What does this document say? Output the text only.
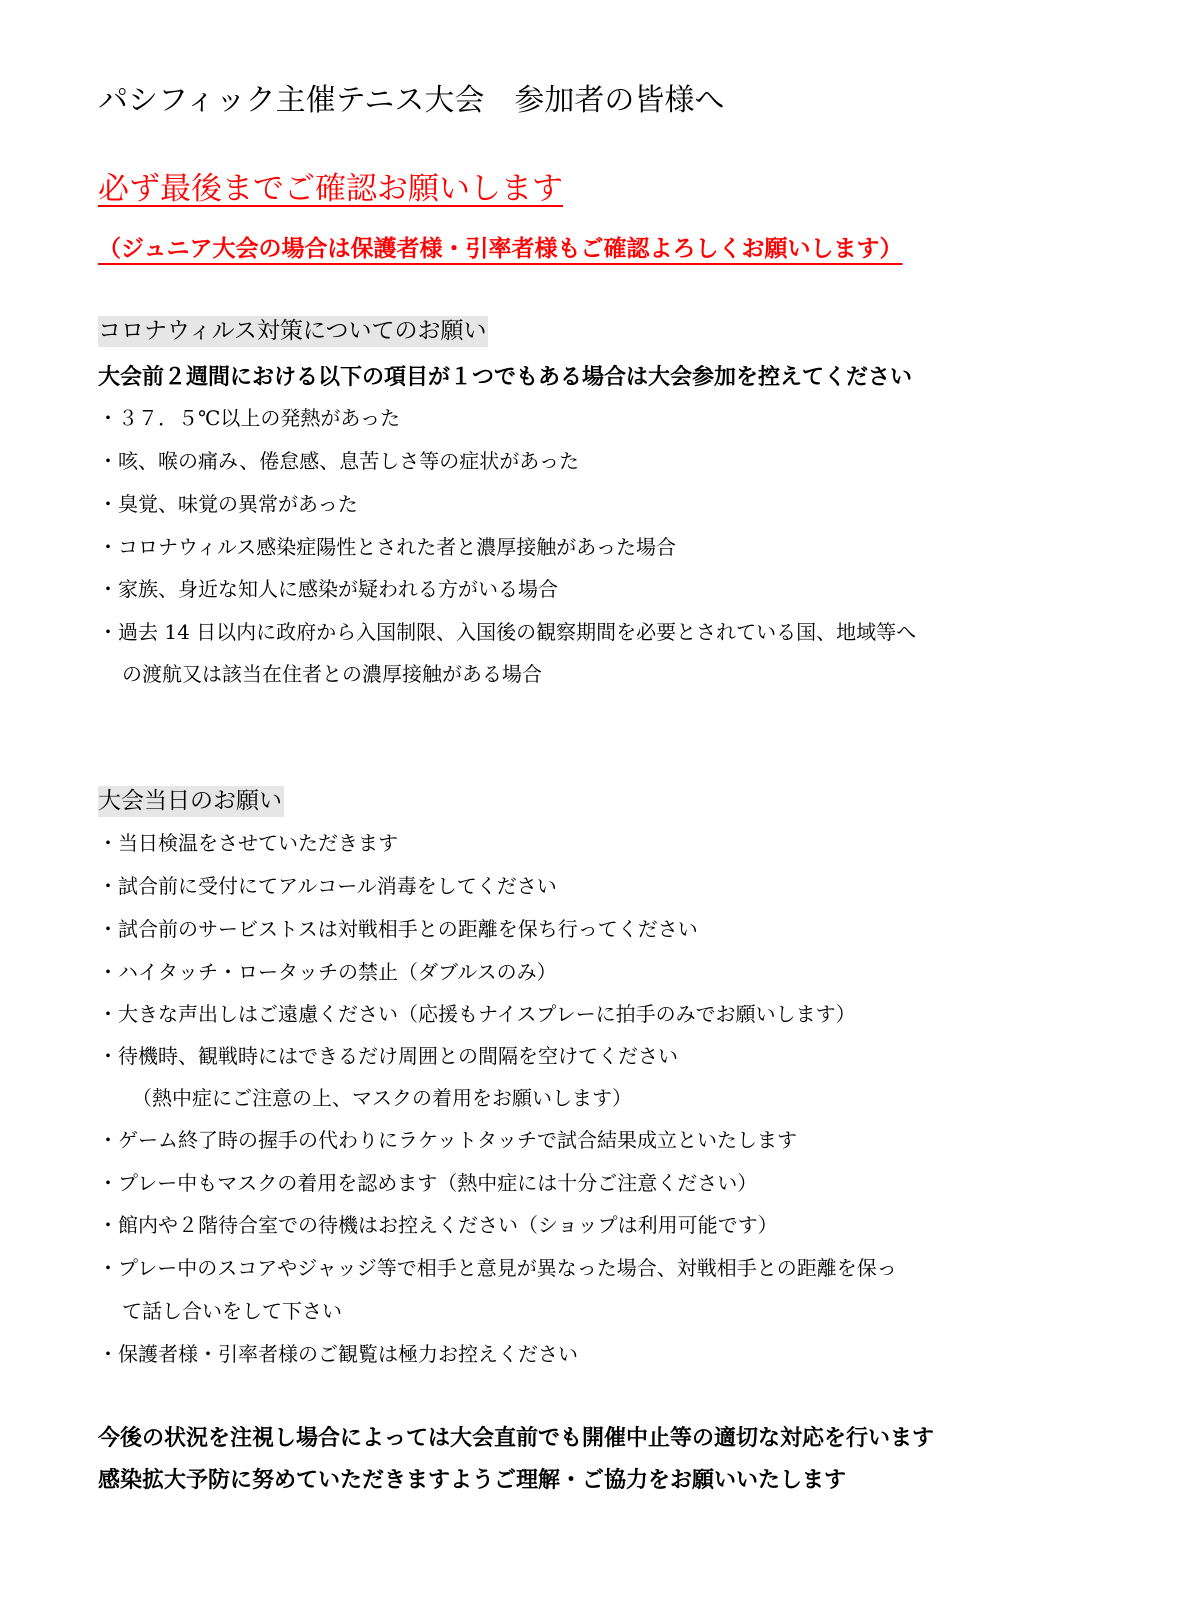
パシフィック主催テニス大会　参加者の皆様へ
必ず最後までご確認お願いします
（ジュニア大会の場合は保護者様・引率者様もご確認よろしくお願いします）
コロナウィルス対策についてのお願い
大会前２週間における以下の項目が１つでもある場合は大会参加を控えてください
・３７．５℃以上の発熱があった
・咳、喉の痛み、倦怠感、息苦しさ等の症状があった
・臭覚、味覚の異常があった
・コロナウィルス感染症陽性とされた者と濃厚接触があった場合
・家族、身近な知人に感染が疑われる方がいる場合
・過去 14 日以内に政府から入国制限、入国後の観察期間を必要とされている国、地域等へ
の渡航又は該当在住者との濃厚接触がある場合
大会当日のお願い
・当日検温をさせていただきます
・試合前に受付にてアルコール消毒をしてください
・試合前のサービストスは対戦相手との距離を保ち行ってください
・ハイタッチ・ロータッチの禁止（ダブルスのみ）
・大きな声出しはご遠慮ください（応援もナイスプレーに拍手のみでお願いします）
・待機時、観戦時にはできるだけ周囲との間隔を空けてください
（熱中症にご注意の上、マスクの着用をお願いします）
・ゲーム終了時の握手の代わりにラケットタッチで試合結果成立といたします
・プレー中もマスクの着用を認めます（熱中症には十分ご注意ください）
・館内や２階待合室での待機はお控えください（ショップは利用可能です）
・プレー中のスコアやジャッジ等で相手と意見が異なった場合、対戦相手との距離を保っ
て話し合いをして下さい
・保護者様・引率者様のご観覧は極力お控えください
今後の状況を注視し場合によっては大会直前でも開催中止等の適切な対応を行います
感染拡大予防に努めていただきますようご理解・ご協力をお願いいたします
